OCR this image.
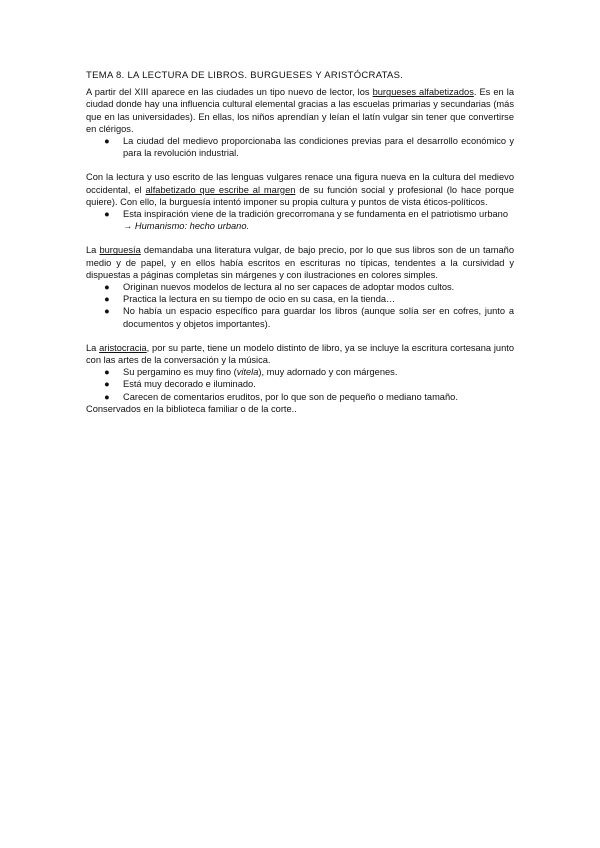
TEMA 8. LA LECTURA DE LIBROS. BURGUESES Y ARISTÓCRATAS.

A partir del XIII aparece en las ciudades un tipo nuevo de lector, los burgueses alfabetizados. Es en la ciudad donde hay una influencia cultural elemental gracias a las escuelas primarias y secundarias (más que en las universidades). En ellas, los niños aprendían y leían el latín vulgar sin tener que convertirse en clérigos.

● La ciudad del medievo proporcionaba las condiciones previas para el desarrollo económico y para la revolución industrial.

Con la lectura y uso escrito de las lenguas vulgares renace una figura nueva en la cultura del medievo occidental, el alfabetizado que escribe al margen de su función social y profesional (lo hace porque quiere). Con ello, la burguesía intentó imponer su propia cultura y puntos de vista éticos-políticos.

● Esta inspiración viene de la tradición grecorromana y se fundamenta en el patriotismo urbano
→ Humanismo: hecho urbano.

La burguesía demandaba una literatura vulgar, de bajo precio, por lo que sus libros son de un tamaño medio y de papel, y en ellos había escritos en escrituras no típicas, tendentes a la cursividad y dispuestas a páginas completas sin márgenes y con ilustraciones en colores simples.

● Originan nuevos modelos de lectura al no ser capaces de adoptar modos cultos.
● Practica la lectura en su tiempo de ocio en su casa, en la tienda…
● No había un espacio específico para guardar los libros (aunque solía ser en cofres, junto a documentos y objetos importantes).

La aristocracia, por su parte, tiene un modelo distinto de libro, ya se incluye la escritura cortesana junto con las artes de la conversación y la música.

● Su pergamino es muy fino (vitela), muy adornado y con márgenes.
● Está muy decorado e iluminado.
● Carecen de comentarios eruditos, por lo que son de pequeño o mediano tamaño.

Conservados en la biblioteca familiar o de la corte..
